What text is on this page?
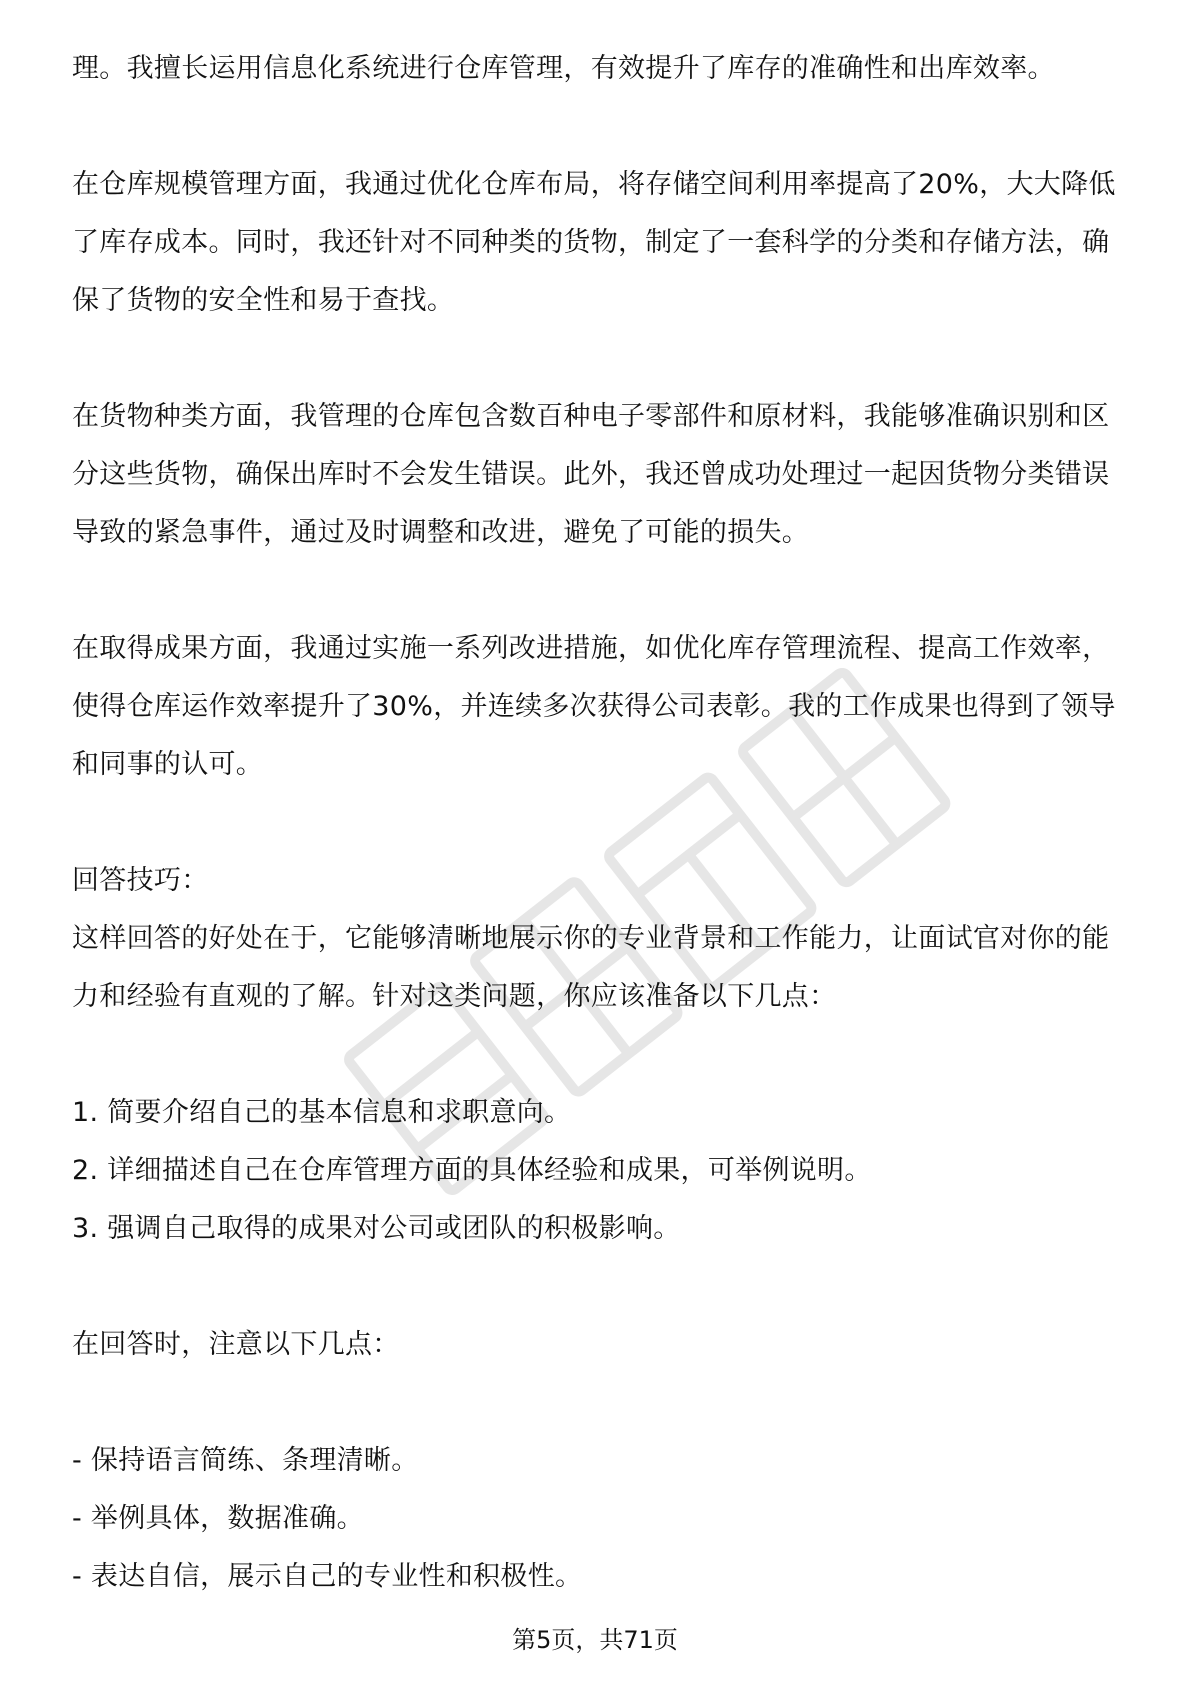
理。我擅长运用信息化系统进行仓库管理，有效提升了库存的准确性和出库效率。

在仓库规模管理方面，我通过优化仓库布局，将存储空间利用率提高了20%，大大降低了库存成本。同时，我还针对不同种类的货物，制定了一套科学的分类和存储方法，确保了货物的安全性和易于查找。

在货物种类方面，我管理的仓库包含数百种电子零部件和原材料，我能够准确识别和区分这些货物，确保出库时不会发生错误。此外，我还曾成功处理过一起因货物分类错误导致的紧急事件，通过及时调整和改进，避免了可能的损失。

在取得成果方面，我通过实施一系列改进措施，如优化库存管理流程、提高工作效率，使得仓库运作效率提升了30%，并连续多次获得公司表彰。我的工作成果也得到了领导和同事的认可。

回答技巧：

这样回答的好处在于，它能够清晰地展示你的专业背景和工作能力，让面试官对你的能力和经验有直观的了解。针对这类问题，你应该准备以下几点：

1. 简要介绍自己的基本信息和求职意向。

2. 详细描述自己在仓库管理方面的具体经验和成果，可举例说明。

3. 强调自己取得的成果对公司或团队的积极影响。

在回答时，注意以下几点：

- 保持语言简练、条理清晰。

- 举例具体，数据准确。

- 表达自信，展示自己的专业性和积极性。

第5页，共71页
